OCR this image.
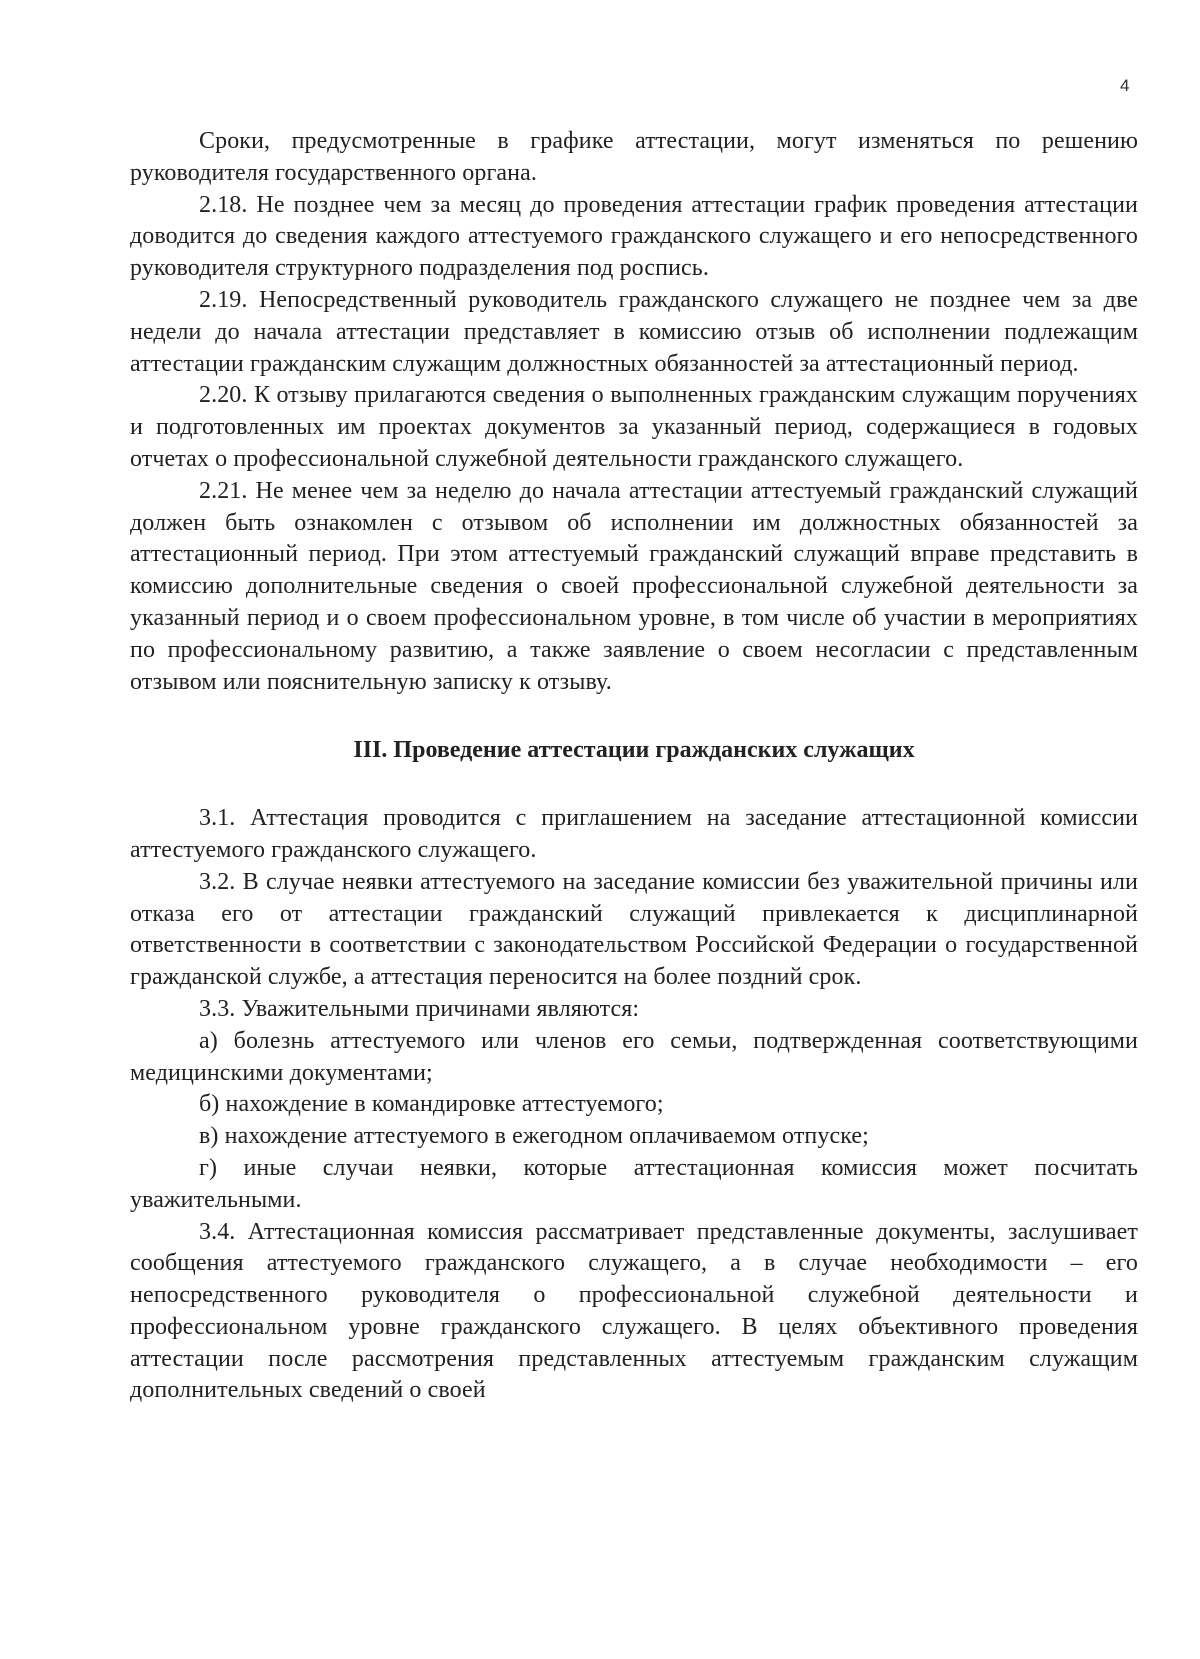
4

Сроки, предусмотренные в графике аттестации, могут изменяться по решению руководителя государственного органа.

2.18. Не позднее чем за месяц до проведения аттестации график проведения аттестации доводится до сведения каждого аттестуемого гражданского служащего и его непосредственного руководителя структурного подразделения под роспись.

2.19. Непосредственный руководитель гражданского служащего не позднее чем за две недели до начала аттестации представляет в комиссию отзыв об исполнении подлежащим аттестации гражданским служащим должностных обязанностей за аттестационный период.

2.20. К отзыву прилагаются сведения о выполненных гражданским служащим поручениях и подготовленных им проектах документов за указанный период, содержащиеся в годовых отчетах о профессиональной служебной деятельности гражданского служащего.

2.21. Не менее чем за неделю до начала аттестации аттестуемый гражданский служащий должен быть ознакомлен с отзывом об исполнении им должностных обязанностей за аттестационный период. При этом аттестуемый гражданский служащий вправе представить в комиссию дополнительные сведения о своей профессиональной служебной деятельности за указанный период и о своем профессиональном уровне, в том числе об участии в мероприятиях по профессиональному развитию, а также заявление о своем несогласии с представленным отзывом или пояснительную записку к отзыву.

III. Проведение аттестации гражданских служащих

3.1. Аттестация проводится с приглашением на заседание аттестационной комиссии аттестуемого гражданского служащего.

3.2. В случае неявки аттестуемого на заседание комиссии без уважительной причины или отказа его от аттестации гражданский служащий привлекается к дисциплинарной ответственности в соответствии с законодательством Российской Федерации о государственной гражданской службе, а аттестация переносится на более поздний срок.

3.3. Уважительными причинами являются:

а) болезнь аттестуемого или членов его семьи, подтвержденная соответствующими медицинскими документами;

б) нахождение в командировке аттестуемого;

в) нахождение аттестуемого в ежегодном оплачиваемом отпуске;

г) иные случаи неявки, которые аттестационная комиссия может посчитать уважительными.

3.4. Аттестационная комиссия рассматривает представленные документы, заслушивает сообщения аттестуемого гражданского служащего, а в случае необходимости – его непосредственного руководителя о профессиональной служебной деятельности и профессиональном уровне гражданского служащего. В целях объективного проведения аттестации после рассмотрения представленных аттестуемым гражданским служащим дополнительных сведений о своей
